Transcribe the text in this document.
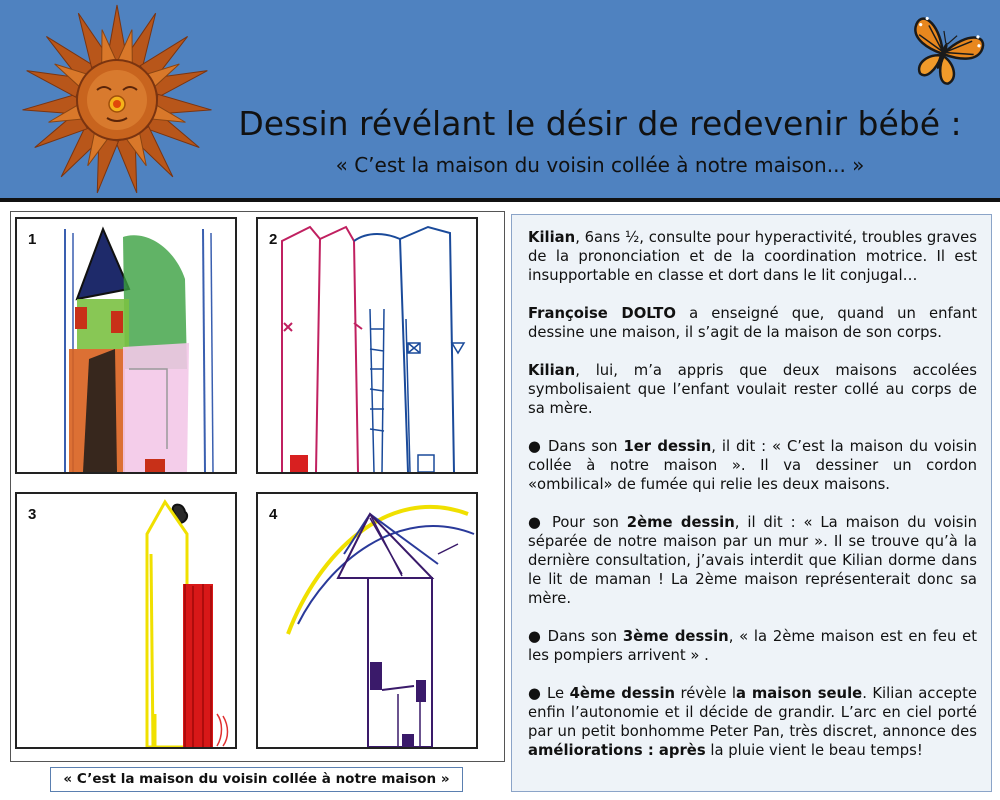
Dessin révélant le désir de redevenir bébé :
« C’est la maison du voisin collée à notre maison... »
1	2
3	4
« C’est la maison du voisin collée à notre maison »

Kilian, 6ans ½, consulte pour hyperactivité, troubles graves de la prononciation et de la coordination motrice. Il est insupportable en classe et dort dans le lit conjugal…

Françoise DOLTO a enseigné que, quand un enfant dessine une maison, il s’agit de la maison de son corps.

Kilian, lui, m’a appris que deux maisons accolées symbolisaient que l’enfant voulait rester collé au corps de sa mère.

● Dans son 1er dessin, il dit : « C’est la maison du voisin collée à notre maison ». Il va dessiner un cordon «ombilical» de fumée qui relie les deux maisons.

● Pour son 2ème dessin, il dit : « La maison du voisin séparée de notre maison par un mur ». Il se trouve qu’à la dernière consultation, j’avais interdit que Kilian dorme dans le lit de maman ! La 2ème maison représenterait donc sa mère.

● Dans son 3ème dessin, « la 2ème maison est en feu et les pompiers arrivent » .

● Le 4ème dessin révèle la maison seule. Kilian accepte enfin l’autonomie et il décide de grandir. L’arc en ciel porté par un petit bonhomme Peter Pan, très discret, annonce des améliorations : après la pluie vient le beau temps!
